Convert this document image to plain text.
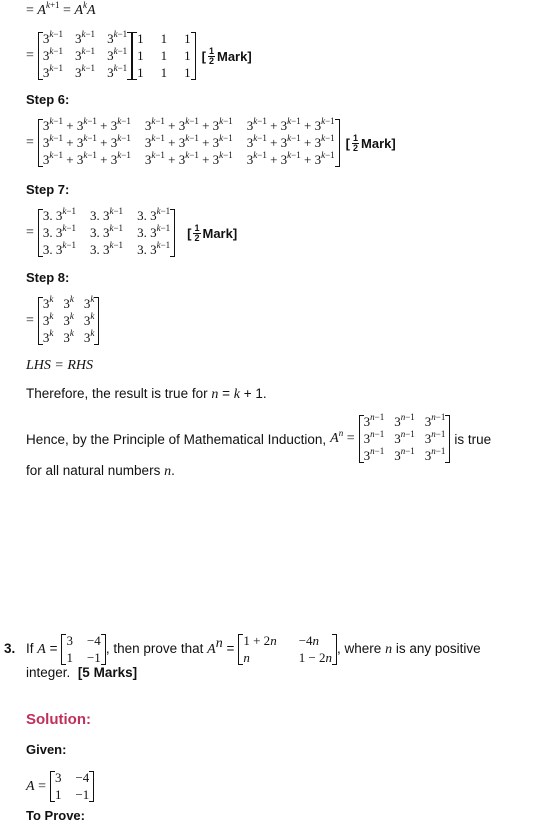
= $A^{k+1} = A^kA$
=
$3^{k-1}$ $3^{k-1}$ $3^{k-1}$
$3^{k-1}$ $3^{k-1}$ $3^{k-1}$
$3^{k-1}$ $3^{k-1}$ $3^{k-1}$
1 1 1
1 1 1
1 1 1
[ $\frac{1}{2}$ Mark]
Step 6:
=
$3^{k-1} + 3^{k-1} + 3^{k-1}$ $3^{k-1} + 3^{k-1} + 3^{k-1}$ $3^{k-1} + 3^{k-1} + 3^{k-1}$
$3^{k-1} + 3^{k-1} + 3^{k-1}$ $3^{k-1} + 3^{k-1} + 3^{k-1}$ $3^{k-1} + 3^{k-1} + 3^{k-1}$
$3^{k-1} + 3^{k-1} + 3^{k-1}$ $3^{k-1} + 3^{k-1} + 3^{k-1}$ $3^{k-1} + 3^{k-1} + 3^{k-1}$
[ $\frac{1}{2}$ Mark]
Step 7:
=
3. $3^{k-1}$ 3. $3^{k-1}$ 3. $3^{k-1}$
3. $3^{k-1}$ 3. $3^{k-1}$ 3. $3^{k-1}$
3. $3^{k-1}$ 3. $3^{k-1}$ 3. $3^{k-1}$
[ $\frac{1}{2}$ Mark]
Step 8:
=
$3^k$ 3$^k$ 3$^k$
3$^k$ 3$^k$ 3$^k$
3$^k$ 3$^k$ 3$^k$
LHS = RHS
Therefore, the result is true for n = k + 1.
Hence, by the Principle of Mathematical Induction, $A^n$ =
$3^{n-1}$ $3^{n-1}$ $3^{n-1}$
$3^{n-1}$ $3^{n-1}$ $3^{n-1}$
$3^{n-1}$ $3^{n-1}$ $3^{n-1}$
is true
for all natural numbers n.
3. If A =
3 −4
1 −1
, then prove that $A^n$ =
1 + 2n −4n
n	1 − 2n
, where n is any positive
integer. [5 Marks]
Solution:
Given:
A =
3 −4
1 −1
To Prove:
